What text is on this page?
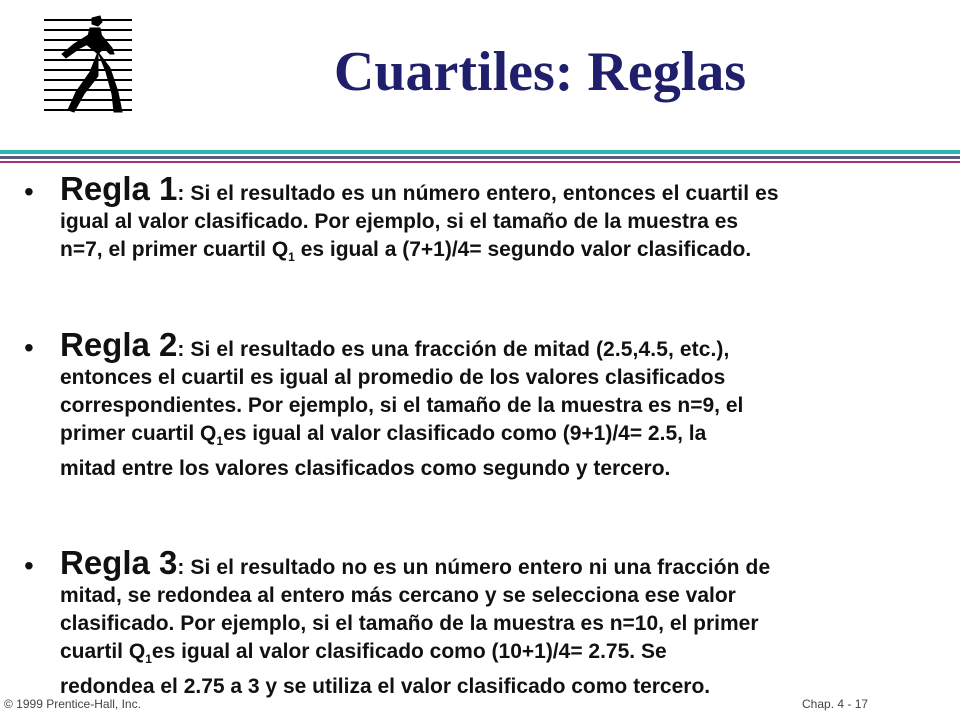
Cuartiles: Reglas
• Regla 1: Si el resultado es un número entero, entonces el cuartil es
igual al valor clasificado. Por ejemplo, si el tamaño de la muestra es
n=7, el primer cuartil $Q_1$ es igual a (7+1)/4= segundo valor clasificado.
• Regla 2: Si el resultado es una fracción de mitad (2.5,4.5, etc.),
entonces el cuartil es igual al promedio de los valores clasificados
correspondientes. Por ejemplo, si el tamaño de la muestra es n=9, el
primer cuartil $Q_1es$ igual al valor clasificado como (9+1)/4= 2.5, la
mitad entre los valores clasificados como segundo y tercero.
• Regla 3: Si el resultado no es un número entero ni una fracción de
mitad, se redondea al entero más cercano y se selecciona ese valor
clasificado. Por ejemplo, si el tamaño de la muestra es n=10, el primer
cuartil $Q_1es$ igual al valor clasificado como (10+1)/4= 2.75. Se
redondea el 2.75 a 3 y se utiliza el valor clasificado como tercero.
© 1999 Prentice-Hall, Inc.	Chap. 4 - 17
